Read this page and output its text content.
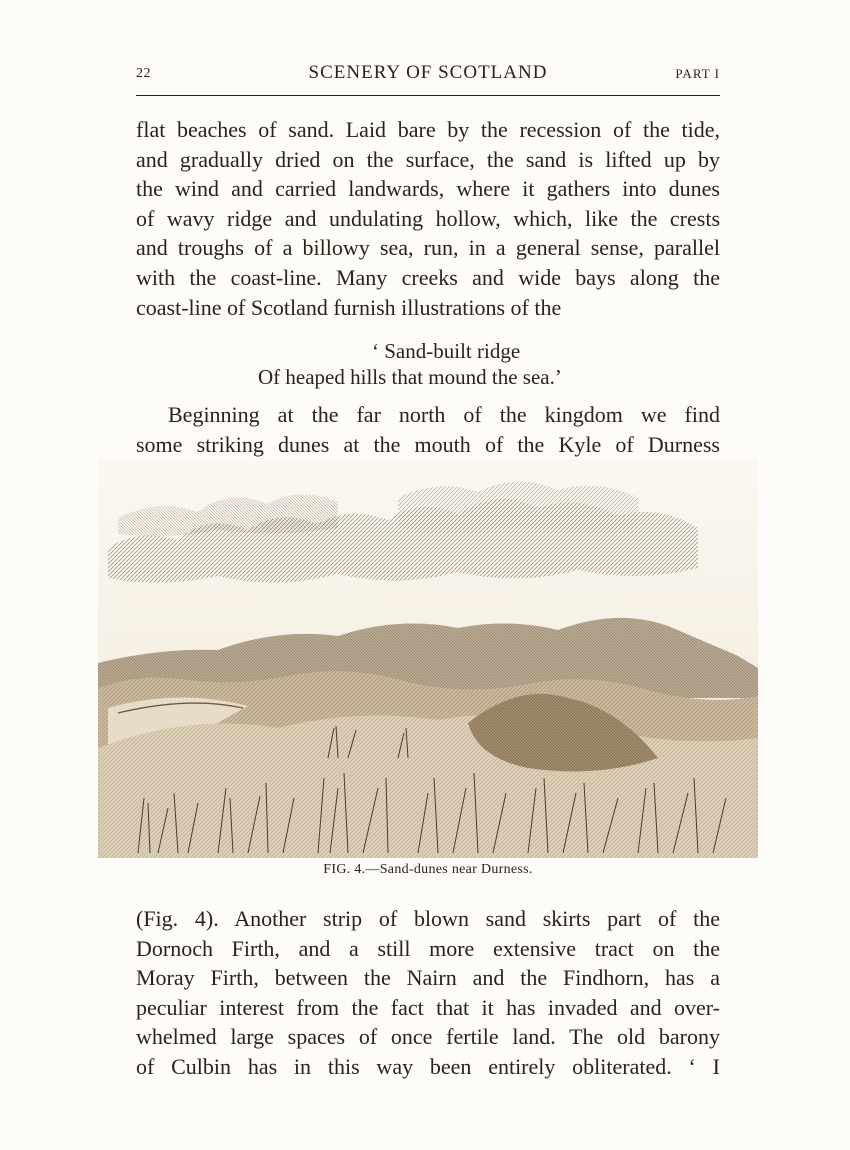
22	SCENERY OF SCOTLAND	PART I

flat beaches of sand. Laid bare by the recession of the tide,
and gradually dried on the surface, the sand is lifted up by
the wind and carried landwards, where it gathers into dunes
of wavy ridge and undulating hollow, which, like the crests
and troughs of a billowy sea, run, in a general sense, parallel
with the coast-line. Many creeks and wide bays along the
coast-line of Scotland furnish illustrations of the

‘ Sand-built ridge
Of heaped hills that mound the sea.’

Beginning at the far north of the kingdom we find
some striking dunes at the mouth of the Kyle of Durness

FIG. 4.—Sand-dunes near Durness.

(Fig. 4). Another strip of blown sand skirts part of the
Dornoch Firth, and a still more extensive tract on the
Moray Firth, between the Nairn and the Findhorn, has a
peculiar interest from the fact that it has invaded and over-
whelmed large spaces of once fertile land. The old barony
of Culbin has in this way been entirely obliterated. ‘ I
